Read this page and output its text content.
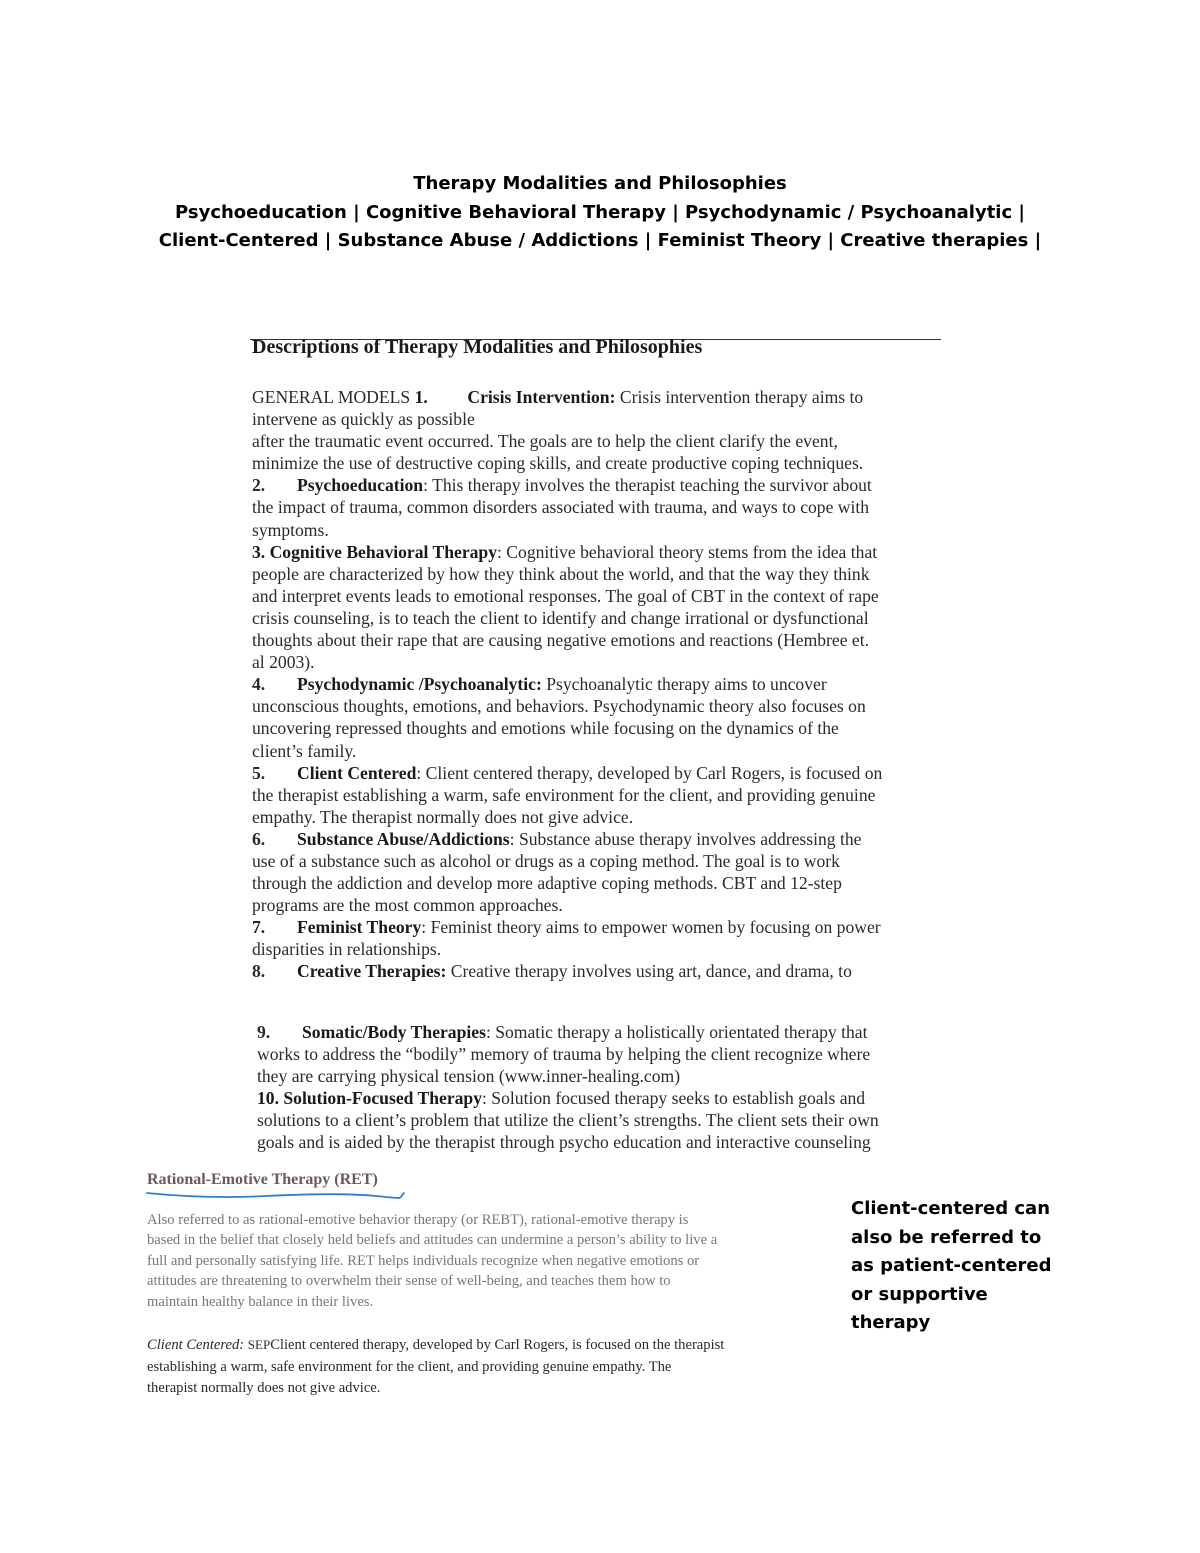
Therapy Modalities and Philosophies
Psychoeducation | Cognitive Behavioral Therapy | Psychodynamic / Psychoanalytic |
Client-Centered | Substance Abuse / Addictions | Feminist Theory | Creative therapies |
Descriptions of Therapy Modalities and Philosophies
GENERAL MODELS 1. Crisis Intervention: Crisis intervention therapy aims to
intervene as quickly as possible
after the traumatic event occurred. The goals are to help the client clarify the event,
minimize the use of destructive coping skills, and create productive coping techniques.
2. Psychoeducation: This therapy involves the therapist teaching the survivor about
the impact of trauma, common disorders associated with trauma, and ways to cope with
symptoms.
3. Cognitive Behavioral Therapy: Cognitive behavioral theory stems from the idea that
people are characterized by how they think about the world, and that the way they think
and interpret events leads to emotional responses. The goal of CBT in the context of rape
crisis counseling, is to teach the client to identify and change irrational or dysfunctional
thoughts about their rape that are causing negative emotions and reactions (Hembree et.
al 2003).
4. Psychodynamic /Psychoanalytic: Psychoanalytic therapy aims to uncover
unconscious thoughts, emotions, and behaviors. Psychodynamic theory also focuses on
uncovering repressed thoughts and emotions while focusing on the dynamics of the
client’s family.
5. Client Centered: Client centered therapy, developed by Carl Rogers, is focused on
the therapist establishing a warm, safe environment for the client, and providing genuine
empathy. The therapist normally does not give advice.
6. Substance Abuse/Addictions: Substance abuse therapy involves addressing the
use of a substance such as alcohol or drugs as a coping method. The goal is to work
through the addiction and develop more adaptive coping methods. CBT and 12-step
programs are the most common approaches.
7. Feminist Theory: Feminist theory aims to empower women by focusing on power
disparities in relationships.
8. Creative Therapies: Creative therapy involves using art, dance, and drama, to
9. Somatic/Body Therapies: Somatic therapy a holistically orientated therapy that
works to address the “bodily” memory of trauma by helping the client recognize where
they are carrying physical tension (www.inner-healing.com)
10. Solution-Focused Therapy: Solution focused therapy seeks to establish goals and
solutions to a client’s problem that utilize the client’s strengths. The client sets their own
goals and is aided by the therapist through psycho education and interactive counseling
Rational-Emotive Therapy (RET)
Also referred to as rational-emotive behavior therapy (or REBT), rational-emotive therapy is
based in the belief that closely held beliefs and attitudes can undermine a person’s ability to live a
full and personally satisfying life. RET helps individuals recognize when negative emotions or
attitudes are threatening to overwhelm their sense of well-being, and teaches them how to
maintain healthy balance in their lives.
Client Centered: SEPClient centered therapy, developed by Carl Rogers, is focused on the therapist
establishing a warm, safe environment for the client, and providing genuine empathy. The
therapist normally does not give advice.
Client-centered can
also be referred to
as patient-centered
or supportive
therapy
